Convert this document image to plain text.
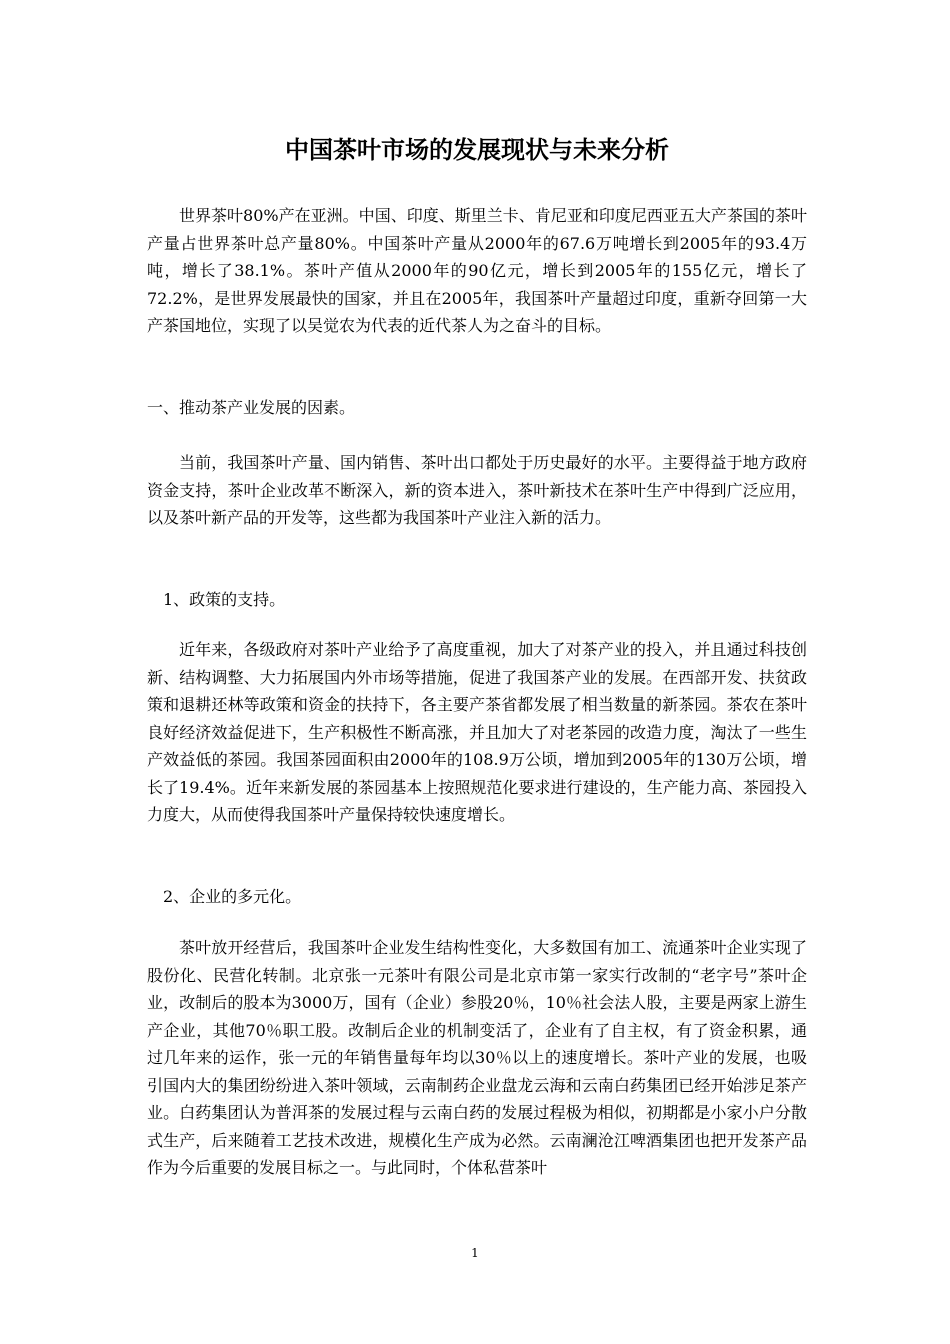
中国茶叶市场的发展现状与未来分析

世界茶叶80%产在亚洲。中国、印度、斯里兰卡、肯尼亚和印度尼西亚五大产茶国的茶叶产量占世界茶叶总产量80%。中国茶叶产量从2000年的67.6万吨增长到2005年的93.4万吨，增长了38.1%。茶叶产值从2000年的90亿元，增长到2005年的155亿元，增长了72.2%，是世界发展最快的国家，并且在2005年，我国茶叶产量超过印度，重新夺回第一大产茶国地位，实现了以吴觉农为代表的近代茶人为之奋斗的目标。

一、推动茶产业发展的因素。

当前，我国茶叶产量、国内销售、茶叶出口都处于历史最好的水平。主要得益于地方政府资金支持，茶叶企业改革不断深入，新的资本进入，茶叶新技术在茶叶生产中得到广泛应用，以及茶叶新产品的开发等，这些都为我国茶叶产业注入新的活力。

1、政策的支持。

近年来，各级政府对茶叶产业给予了高度重视，加大了对茶产业的投入，并且通过科技创新、结构调整、大力拓展国内外市场等措施，促进了我国茶产业的发展。在西部开发、扶贫政策和退耕还林等政策和资金的扶持下，各主要产茶省都发展了相当数量的新茶园。茶农在茶叶良好经济效益促进下，生产积极性不断高涨，并且加大了对老茶园的改造力度，淘汰了一些生产效益低的茶园。我国茶园面积由2000年的108.9万公顷，增加到2005年的130万公顷，增长了19.4%。近年来新发展的茶园基本上按照规范化要求进行建设的，生产能力高、茶园投入力度大，从而使得我国茶叶产量保持较快速度增长。

2、企业的多元化。

茶叶放开经营后，我国茶叶企业发生结构性变化，大多数国有加工、流通茶叶企业实现了股份化、民营化转制。北京张一元茶叶有限公司是北京市第一家实行改制的“老字号”茶叶企业，改制后的股本为3000万，国有（企业）参股20％，10％社会法人股，主要是两家上游生产企业，其他70％职工股。改制后企业的机制变活了，企业有了自主权，有了资金积累，通过几年来的运作，张一元的年销售量每年均以30％以上的速度增长。茶叶产业的发展，也吸引国内大的集团纷纷进入茶叶领域，云南制药企业盘龙云海和云南白药集团已经开始涉足茶产业。白药集团认为普洱茶的发展过程与云南白药的发展过程极为相似，初期都是小家小户分散式生产，后来随着工艺技术改进，规模化生产成为必然。云南澜沧江啤酒集团也把开发茶产品作为今后重要的发展目标之一。与此同时，个体私营茶叶

1
